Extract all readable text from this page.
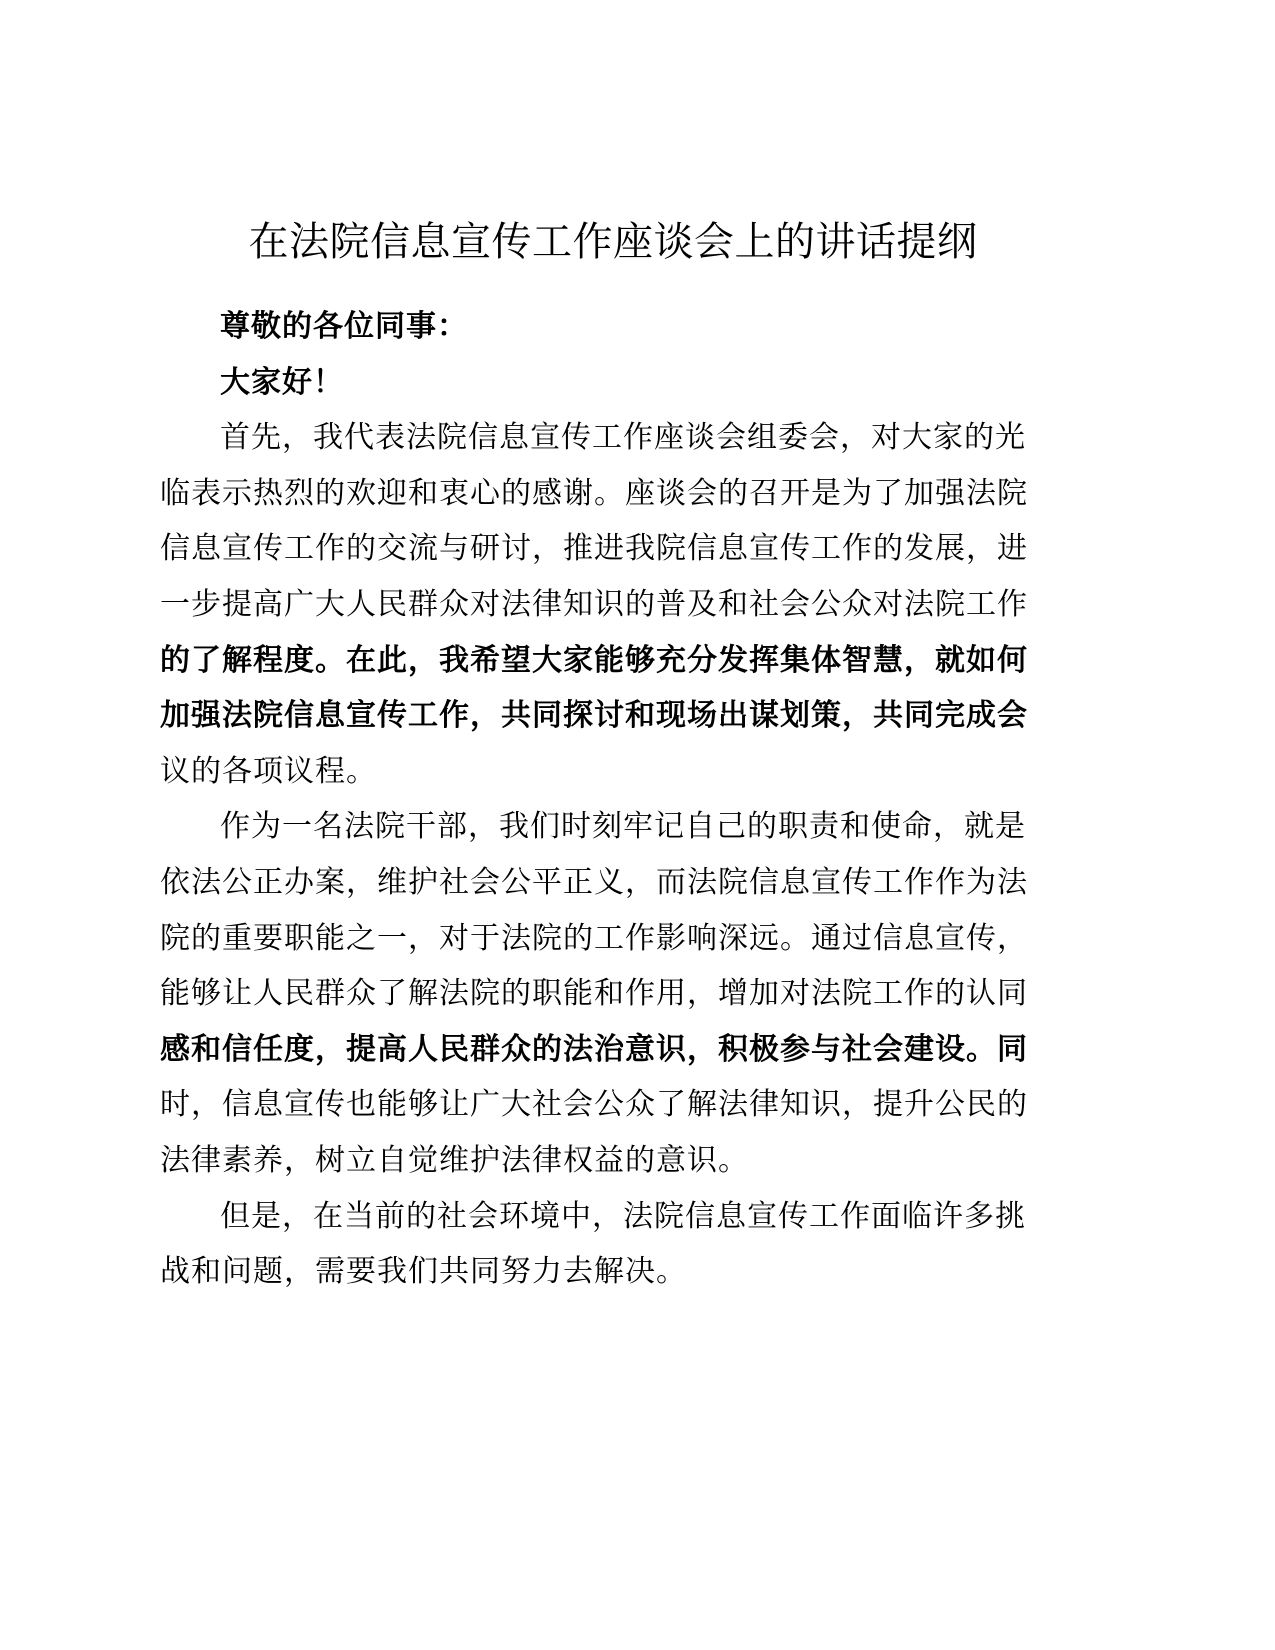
在法院信息宣传工作座谈会上的讲话提纲

尊敬的各位同事：

大家好！

首先，我代表法院信息宣传工作座谈会组委会，对大家的光临表示热烈的欢迎和衷心的感谢。座谈会的召开是为了加强法院信息宣传工作的交流与研讨，推进我院信息宣传工作的发展，进一步提高广大人民群众对法律知识的普及和社会公众对法院工作的了解程度。在此，我希望大家能够充分发挥集体智慧，就如何加强法院信息宣传工作，共同探讨和现场出谋划策，共同完成会议的各项议程。

作为一名法院干部，我们时刻牢记自己的职责和使命，就是依法公正办案，维护社会公平正义，而法院信息宣传工作作为法院的重要职能之一，对于法院的工作影响深远。通过信息宣传，能够让人民群众了解法院的职能和作用，增加对法院工作的认同感和信任度，提高人民群众的法治意识，积极参与社会建设。同时，信息宣传也能够让广大社会公众了解法律知识，提升公民的法律素养，树立自觉维护法律权益的意识。

但是，在当前的社会环境中，法院信息宣传工作面临许多挑战和问题，需要我们共同努力去解决。
